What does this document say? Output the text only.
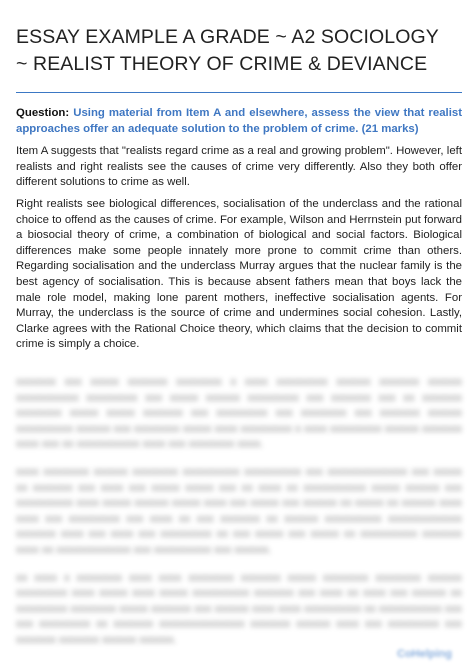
ESSAY EXAMPLE A GRADE ~ A2 SOCIOLOGY
~ REALIST THEORY OF CRIME & DEVIANCE

Question: Using material from Item A and elsewhere, assess the view that realist approaches offer an adequate solution to the problem of crime. (21 marks)

Item A suggests that "realists regard crime as a real and growing problem". However, left realists and right realists see the causes of crime very differently. Also they both offer different solutions to crime as well.

Right realists see biological differences, socialisation of the underclass and the rational choice to offend as the causes of crime. For example, Wilson and Herrnstein put forward a biosocial theory of crime, a combination of biological and social factors. Biological differences make some people innately more prone to commit crime than others. Regarding socialisation and the underclass Murray argues that the nuclear family is the best agency of socialisation. This is because absent fathers mean that boys lack the male role model, making lone parent mothers, ineffective socialisation agents. For Murray, the underclass is the source of crime and undermines social cohesion. Lastly, Clarke agrees with the Rational Choice theory, which claims that the decision to commit crime is simply a choice.

xxxxxxx xxx xxxxx xxxxxxx xxxxxxxx x xxxx xxxxxxxxx xxxxxx xxxxxxx xxxxxx xxxxxxxxxxx xxxxxxxxx xxx xxxxx xxxxxx xxxxxxxxx xxx xxxxxxx xxx xx xxxxxxx xxxxxxxx xxxxx xxxxx xxxxxxx xxx xxxxxxxxx xxx xxxxxxxx xxx xxxxxxx xxxxxx xxxxxxxxxx xxxxxx xxx xxxxxxxx xxxxx xxxx xxxxxxxxx x xxxx xxxxxxxxx xxxxxx xxxxxxx xxxx xxx xx xxxxxxxxxxx xxxx xxx xxxxxxxx xxxx.

xxxx xxxxxxxx xxxxxx xxxxxxxx xxxxxxxxxx xxxxxxxxxx xxx xxxxxxxxxxxxxx xxx xxxxx xx xxxxxxx xxx xxxx xxx xxxxx xxxxx xxx xx xxxx xx xxxxxxxxxxx xxxxx xxxxxx xxx xxxxxxxxxx xxxx xxxxx xxxxxx xxxxx xxxx xxx xxxxx xxx xxxxxx xx xxxxx xx xxxxxx xxxx xxxx xxx xxxxxxxxx xxx xxxx xx xxx xxxxxxx xx xxxxxx xxxxxxxxxx xxxxxxxxxxxxx xxxxxxx xxxx xxx xxxx xxx xxxxxxxxx xx xxx xxxxx xxx xxxxx xx xxxxxxxxxx xxxxxxx xxxx xx xxxxxxxxxxxxx xxx xxxxxxxxxx xxx xxxxxx.

xx xxxx x xxxxxxxx xxxx xxxx xxxxxxxx xxxxxxx xxxxx xxxxxxxx xxxxxxxx xxxxxx xxxxxxxxx xxxx xxxxx xxxx xxxxx xxxxxxxxxx xxxxxxx xxx xxxx xx xxxx xxx xxxxxx xx xxxxxxxxx xxxxxxxx xxxxx xxxxxxx xxx xxxxxx xxxx xxxx xxxxxxxxxx xx xxxxxxxxxxx xxx xxx xxxxxxxxx xx xxxxxxx xxxxxxxxxxxxxxx xxxxxxx xxxxxx xxxx xxx xxxxxxxxx xxx xxxxxxx xxxxxxx xxxxxx xxxxxx.

CoHelping
